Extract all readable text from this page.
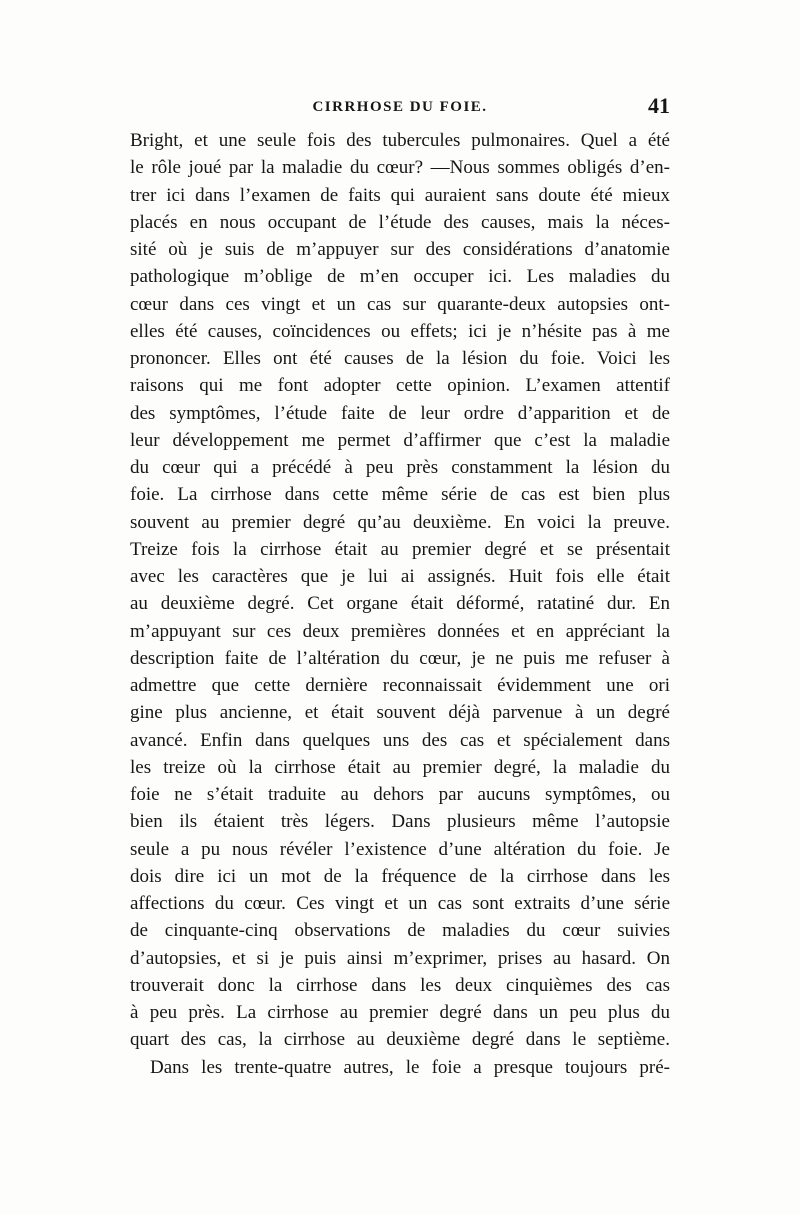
CIRRHOSE DU FOIE.	41
Bright, et une seule fois des tubercules pulmonaires. Quel a été
le rôle joué par la maladie du cœur? —Nous sommes obligés d’en-
trer ici dans l’examen de faits qui auraient sans doute été mieux
placés en nous occupant de l’étude des causes, mais la néces-
sité où je suis de m’appuyer sur des considérations d’anatomie
pathologique m’oblige de m’en occuper ici. Les maladies du
cœur dans ces vingt et un cas sur quarante-deux autopsies ont-
elles été causes, coïncidences ou effets; ici je n’hésite pas à me
prononcer. Elles ont été causes de la lésion du foie. Voici les
raisons qui me font adopter cette opinion. L’examen attentif
des symptômes, l’étude faite de leur ordre d’apparition et de
leur développement me permet d’affirmer que c’est la maladie
du cœur qui a précédé à peu près constamment la lésion du
foie. La cirrhose dans cette même série de cas est bien plus
souvent au premier degré qu’au deuxième. En voici la preuve.
Treize fois la cirrhose était au premier degré et se présentait
avec les caractères que je lui ai assignés. Huit fois elle était
au deuxième degré. Cet organe était déformé, ratatiné dur. En
m’appuyant sur ces deux premières données et en appréciant la
description faite de l’altération du cœur, je ne puis me refuser à
admettre que cette dernière reconnaissait évidemment une ori
gine plus ancienne, et était souvent déjà parvenue à un degré
avancé. Enfin dans quelques uns des cas et spécialement dans
les treize où la cirrhose était au premier degré, la maladie du
foie ne s’était traduite au dehors par aucuns symptômes, ou
bien ils étaient très légers. Dans plusieurs même l’autopsie
seule a pu nous révéler l’existence d’une altération du foie. Je
dois dire ici un mot de la fréquence de la cirrhose dans les
affections du cœur. Ces vingt et un cas sont extraits d’une série
de cinquante-cinq observations de maladies du cœur suivies
d’autopsies, et si je puis ainsi m’exprimer, prises au hasard. On
trouverait donc la cirrhose dans les deux cinquièmes des cas
à peu près. La cirrhose au premier degré dans un peu plus du
quart des cas, la cirrhose au deuxième degré dans le septième.
Dans les trente-quatre autres, le foie a presque toujours pré-
